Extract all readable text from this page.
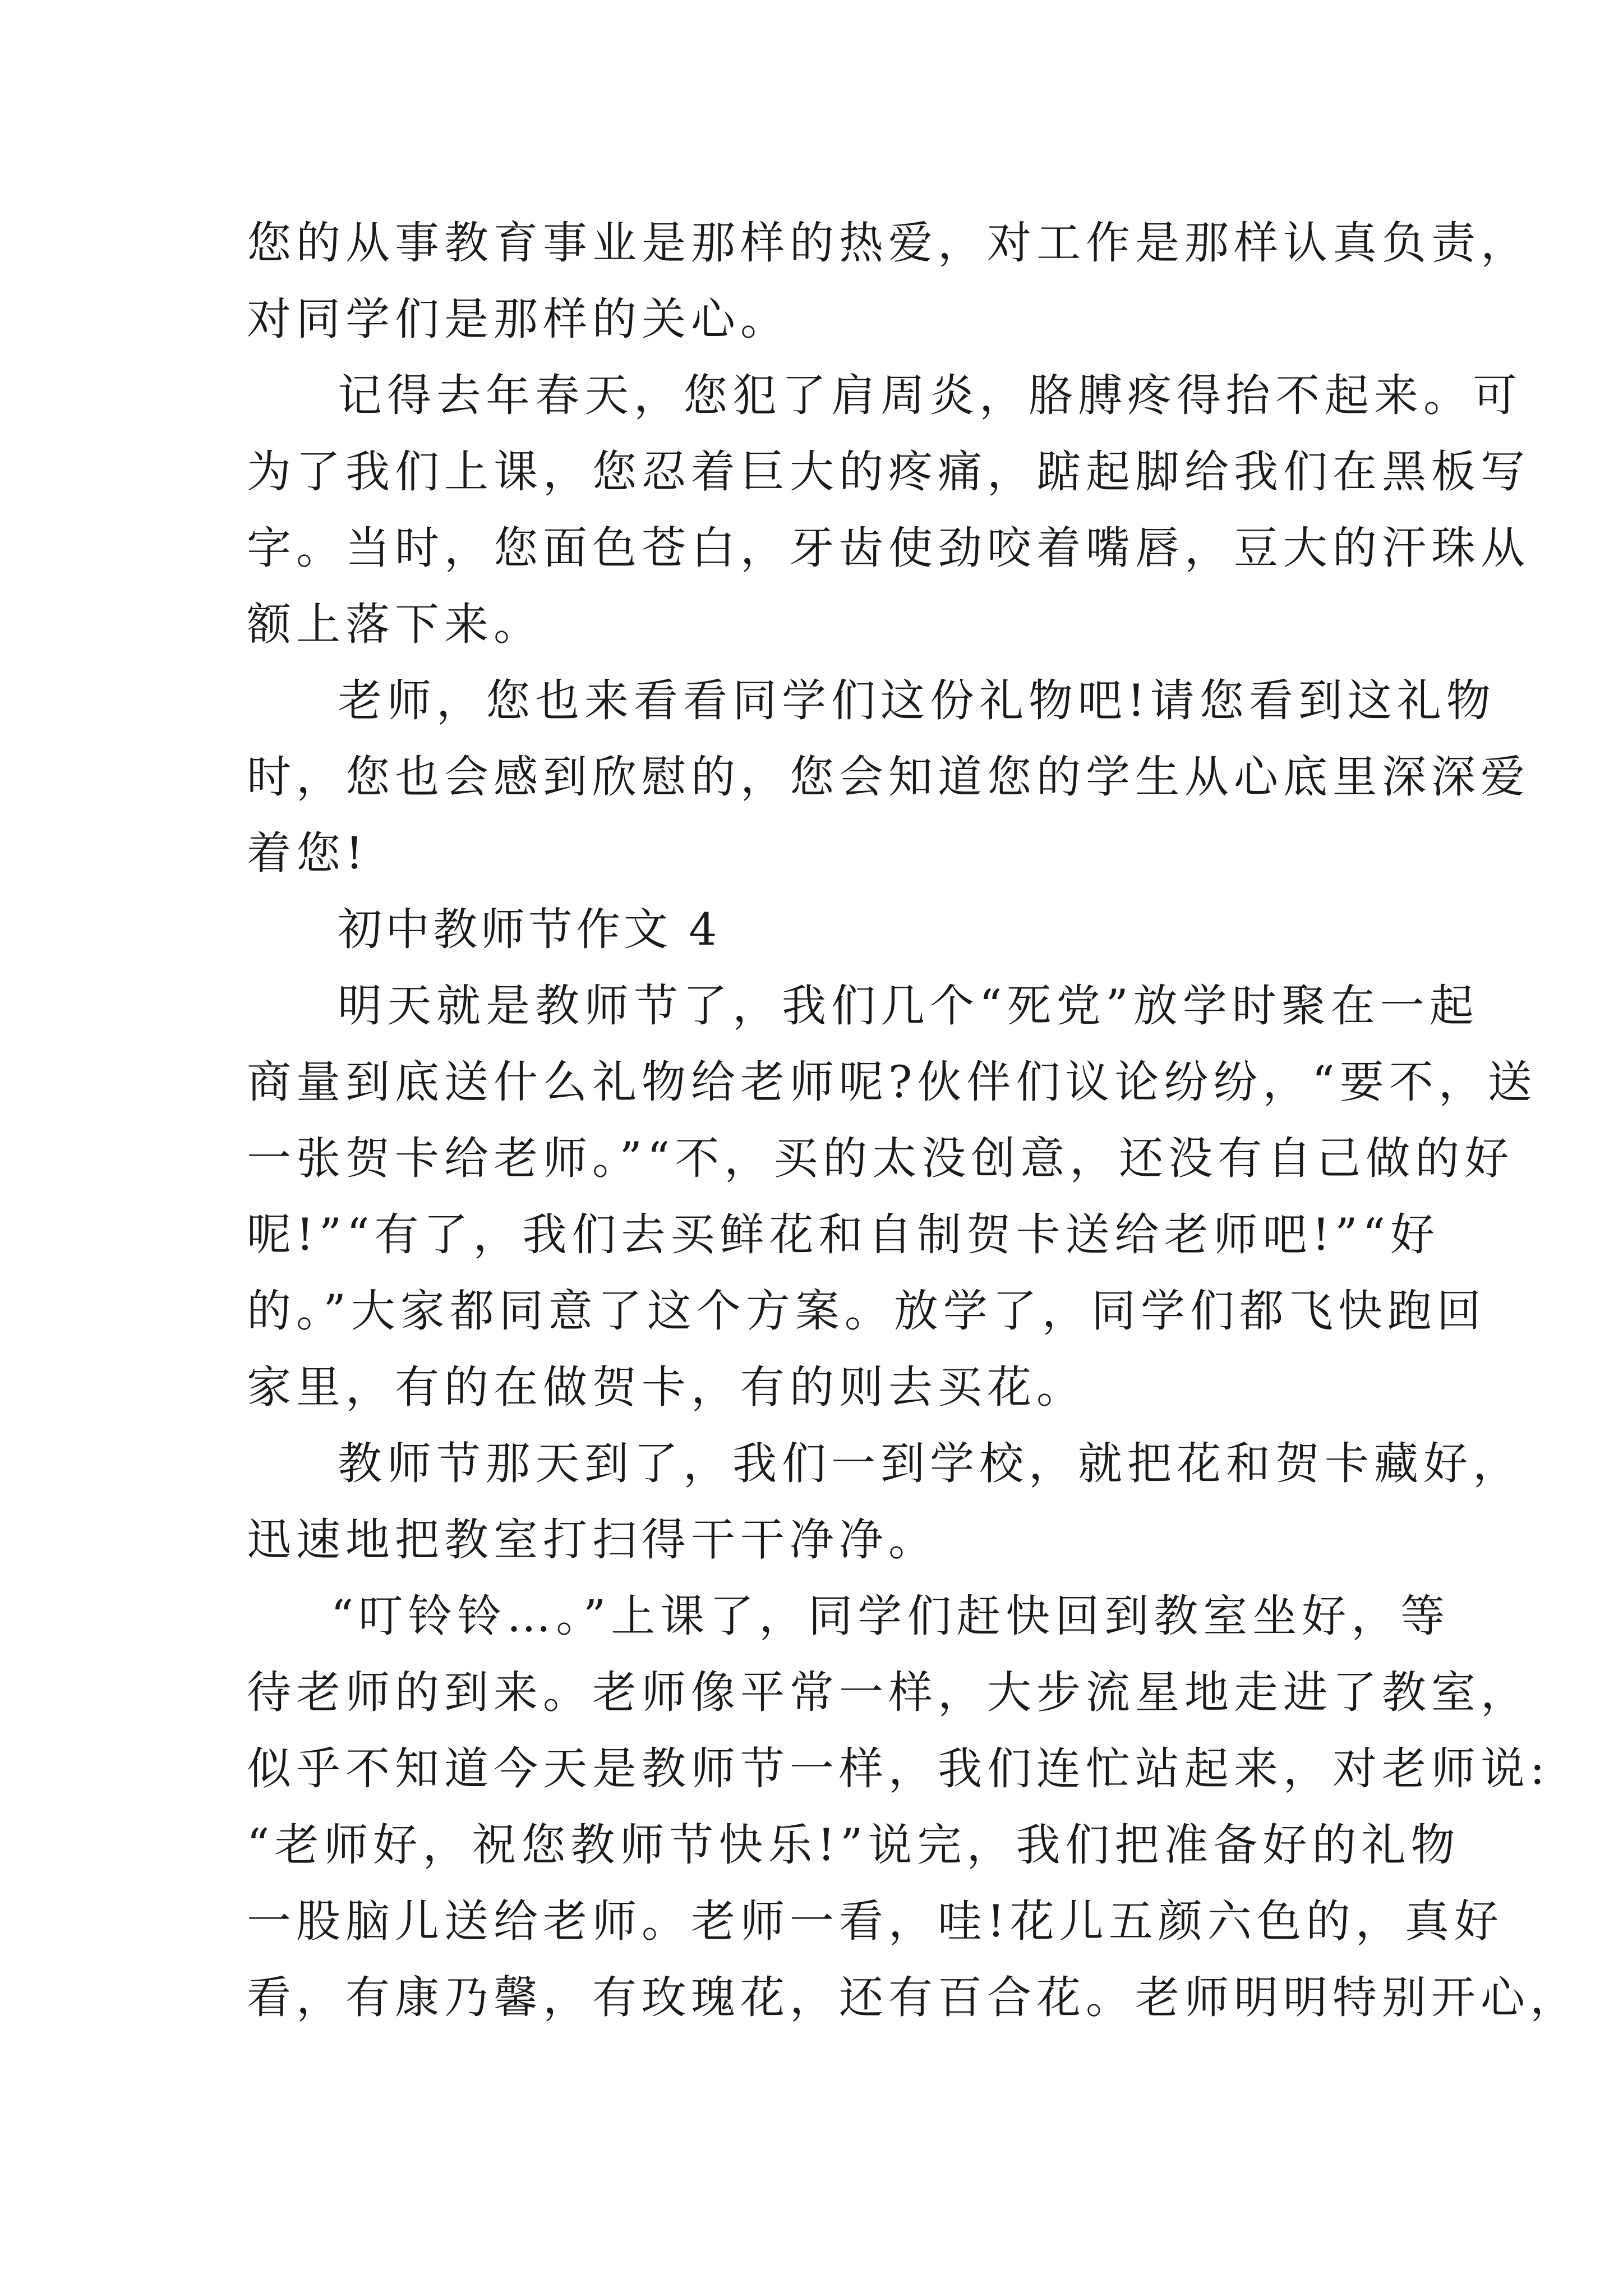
您的从事教育事业是那样的热爱，对工作是那样认真负责，
对同学们是那样的关心。
记得去年春天，您犯了肩周炎，胳膊疼得抬不起来。可
为了我们上课，您忍着巨大的疼痛，踮起脚给我们在黑板写
字。当时，您面色苍白，牙齿使劲咬着嘴唇，豆大的汗珠从
额上落下来。
老师，您也来看看同学们这份礼物吧!请您看到这礼物
时，您也会感到欣慰的，您会知道您的学生从心底里深深爱
着您!
初中教师节作文 4
明天就是教师节了，我们几个“死党”放学时聚在一起
商量到底送什么礼物给老师呢?伙伴们议论纷纷，“要不，送
一张贺卡给老师。”“不，买的太没创意，还没有自己做的好
呢!”“有了，我们去买鲜花和自制贺卡送给老师吧!”“好
的。”大家都同意了这个方案。放学了，同学们都飞快跑回
家里，有的在做贺卡，有的则去买花。
教师节那天到了，我们一到学校，就把花和贺卡藏好，
迅速地把教室打扫得干干净净。
“叮铃铃…。”上课了，同学们赶快回到教室坐好，等
待老师的到来。老师像平常一样，大步流星地走进了教室，
似乎不知道今天是教师节一样，我们连忙站起来，对老师说:
“老师好，祝您教师节快乐!”说完，我们把准备好的礼物
一股脑儿送给老师。老师一看，哇!花儿五颜六色的，真好
看，有康乃馨，有玫瑰花，还有百合花。老师明明特别开心，
